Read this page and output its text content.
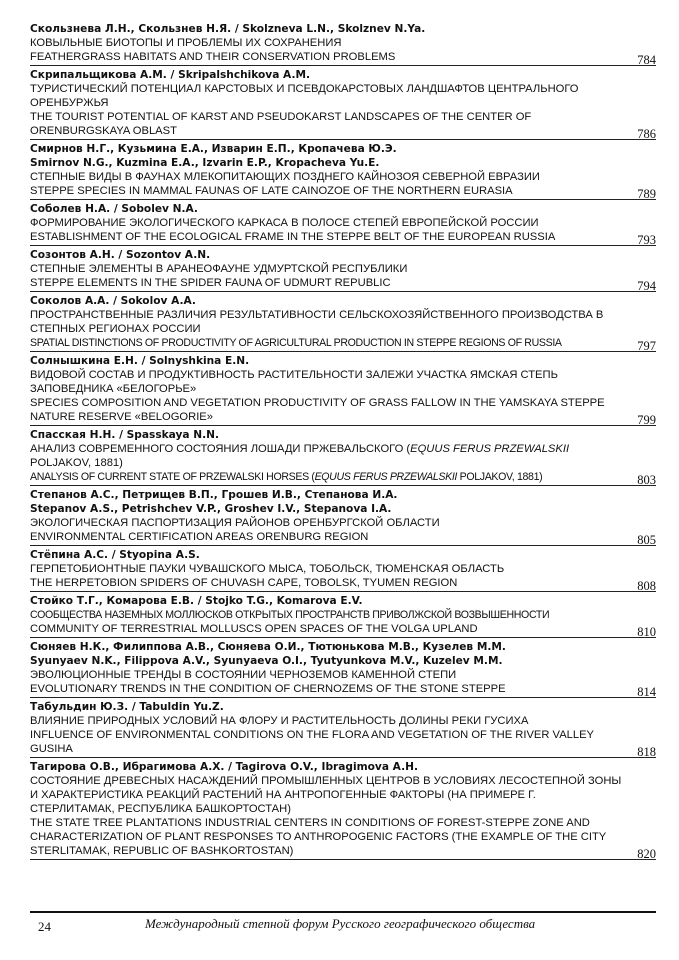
Скользнева Л.Н., Скользнев Н.Я. / Skolzneva L.N., Skolznev N.Ya.
КОВЫЛЬНЫЕ БИОТОПЫ И ПРОБЛЕМЫ ИХ СОХРАНЕНИЯ
FEATHERGRASS HABITATS AND THEIR CONSERVATION PROBLEMS	784
Скрипальщикова А.М. / Skripalshchikova A.M.
ТУРИСТИЧЕСКИЙ ПОТЕНЦИАЛ КАРСТОВЫХ И ПСЕВДОКАРСТОВЫХ ЛАНДШАФТОВ ЦЕНТРАЛЬНОГО ОРЕНБУРЖЬЯ
THE TOURIST POTENTIAL OF KARST AND PSEUDOKARST LANDSCAPES OF THE CENTER OF ORENBURGSKAYA OBLAST	786
Смирнов Н.Г., Кузьмина Е.А., Изварин Е.П., Кропачева Ю.Э.
Smirnov N.G., Kuzmina E.A., Izvarin E.P., Kropacheva Yu.E.
СТЕПНЫЕ ВИДЫ В ФАУНАХ МЛЕКОПИТАЮЩИХ ПОЗДНЕГО КАЙНОЗОЯ СЕВЕРНОЙ ЕВРАЗИИ
STEPPE SPECIES IN MAMMAL FAUNAS OF LATE CAINOZOE OF THE NORTHERN EURASIA	789
Соболев Н.А. / Sobolev N.A.
ФОРМИРОВАНИЕ ЭКОЛОГИЧЕСКОГО КАРКАСА В ПОЛОСЕ СТЕПЕЙ ЕВРОПЕЙСКОЙ РОССИИ
ESTABLISHMENT OF THE ECOLOGICAL FRAME IN THE STEPPE BELT OF THE EUROPEAN RUSSIA	793
Созонтов А.Н. / Sozontov A.N.
СТЕПНЫЕ ЭЛЕМЕНТЫ В АРАНЕОФАУНЕ УДМУРТСКОЙ РЕСПУБЛИКИ
STEPPE ELEMENTS IN THE SPIDER FAUNA OF UDMURT REPUBLIC	794
Соколов А.А. / Sokolov A.A.
ПРОСТРАНСТВЕННЫЕ РАЗЛИЧИЯ РЕЗУЛЬТАТИВНОСТИ СЕЛЬСКОХОЗЯЙСТВЕННОГО ПРОИЗВОДСТВА В СТЕПНЫХ РЕГИОНАХ РОССИИ
SPATIAL DISTINCTIONS OF PRODUCTIVITY OF AGRICULTURAL PRODUCTION IN STEPPE REGIONS OF RUSSIA	797
Солнышкина Е.Н. / Solnyshkina E.N.
ВИДОВОЙ СОСТАВ И ПРОДУКТИВНОСТЬ РАСТИТЕЛЬНОСТИ ЗАЛЕЖИ УЧАСТКА ЯМСКАЯ СТЕПЬ ЗАПОВЕДНИКА «БЕЛОГОРЬЕ»
SPECIES COMPOSITION AND VEGETATION PRODUCTIVITY OF GRASS FALLOW IN THE YAMSKAYA STEPPE NATURE RESERVE «BELOGORIE»	799
Спасская Н.Н. / Spasskaya N.N.
АНАЛИЗ СОВРЕМЕННОГО СОСТОЯНИЯ ЛОШАДИ ПРЖЕВАЛЬСКОГО (EQUUS FERUS PRZEWALSKII POLJAKOV, 1881)
ANALYSIS OF CURRENT STATE OF PRZEWALSKI HORSES (EQUUS FERUS PRZEWALSKII POLJAKOV, 1881)	803
Степанов А.С., Петрищев В.П., Грошев И.В., Степанова И.А.
Stepanov A.S., Petrishchev V.P., Groshev I.V., Stepanova I.A.
ЭКОЛОГИЧЕСКАЯ ПАСПОРТИЗАЦИЯ РАЙОНОВ ОРЕНБУРГСКОЙ ОБЛАСТИ
ENVIRONMENTAL CERTIFICATION AREAS ORENBURG REGION	805
Стёпина А.С. / Styopina A.S.
ГЕРПЕТОБИОНТНЫЕ ПАУКИ ЧУВАШСКОГО МЫСА, ТОБОЛЬСК, ТЮМЕНСКАЯ ОБЛАСТЬ
THE HERPETOBION SPIDERS OF CHUVASH CAPE, TOBOLSK, TYUMEN REGION	808
Стойко Т.Г., Комарова Е.В. / Stojko T.G., Komarova E.V.
СООБЩЕСТВА НАЗЕМНЫХ МОЛЛЮСКОВ ОТКРЫТЫХ ПРОСТРАНСТВ ПРИВОЛЖСКОЙ ВОЗВЫШЕННОСТИ
COMMUNITY OF TERRESTRIAL MOLLUSCS OPEN SPACES OF THE VOLGA UPLAND	810
Сюняев Н.К., Филиппова А.В., Сюняева О.И., Тютюнькова М.В., Кузелев М.М.
Syunyaev N.K., Filippova A.V., Syunyaeva O.I., Tyutyunkova M.V., Kuzelev M.M.
ЭВОЛЮЦИОННЫЕ ТРЕНДЫ В СОСТОЯНИИ ЧЕРНОЗЕМОВ КАМЕННОЙ СТЕПИ
EVOLUTIONARY TRENDS IN THE CONDITION OF CHERNOZEMS OF THE STONE STEPPE	814
Табульдин Ю.З. / Tabuldin Yu.Z.
ВЛИЯНИЕ ПРИРОДНЫХ УСЛОВИЙ НА ФЛОРУ И РАСТИТЕЛЬНОСТЬ ДОЛИНЫ РЕКИ ГУСИХА
INFLUENCE OF ENVIRONMENTAL CONDITIONS ON THE FLORA AND VEGETATION OF THE RIVER VALLEY GUSIHA	818
Тагирова О.В., Ибрагимова А.Х. / Tagirova O.V., Ibragimova A.H.
СОСТОЯНИЕ ДРЕВЕСНЫХ НАСАЖДЕНИЙ ПРОМЫШЛЕННЫХ ЦЕНТРОВ В УСЛОВИЯХ ЛЕСОСТЕПНОЙ ЗОНЫ И ХАРАКТЕРИСТИКА РЕАКЦИЙ РАСТЕНИЙ НА АНТРОПОГЕННЫЕ ФАКТОРЫ (НА ПРИМЕРЕ Г. СТЕРЛИТАМАК, РЕСПУБЛИКА БАШКОРТОСТАН)
THE STATE TREE PLANTATIONS INDUSTRIAL CENTERS IN CONDITIONS OF FOREST-STEPPE ZONE AND CHARACTERIZATION OF PLANT RESPONSES TO ANTHROPOGENIC FACTORS (THE EXAMPLE OF THE CITY STERLITAMAK, REPUBLIC OF BASHKORTOSTAN)	820
24	Международный степной форум Русского географического общества
